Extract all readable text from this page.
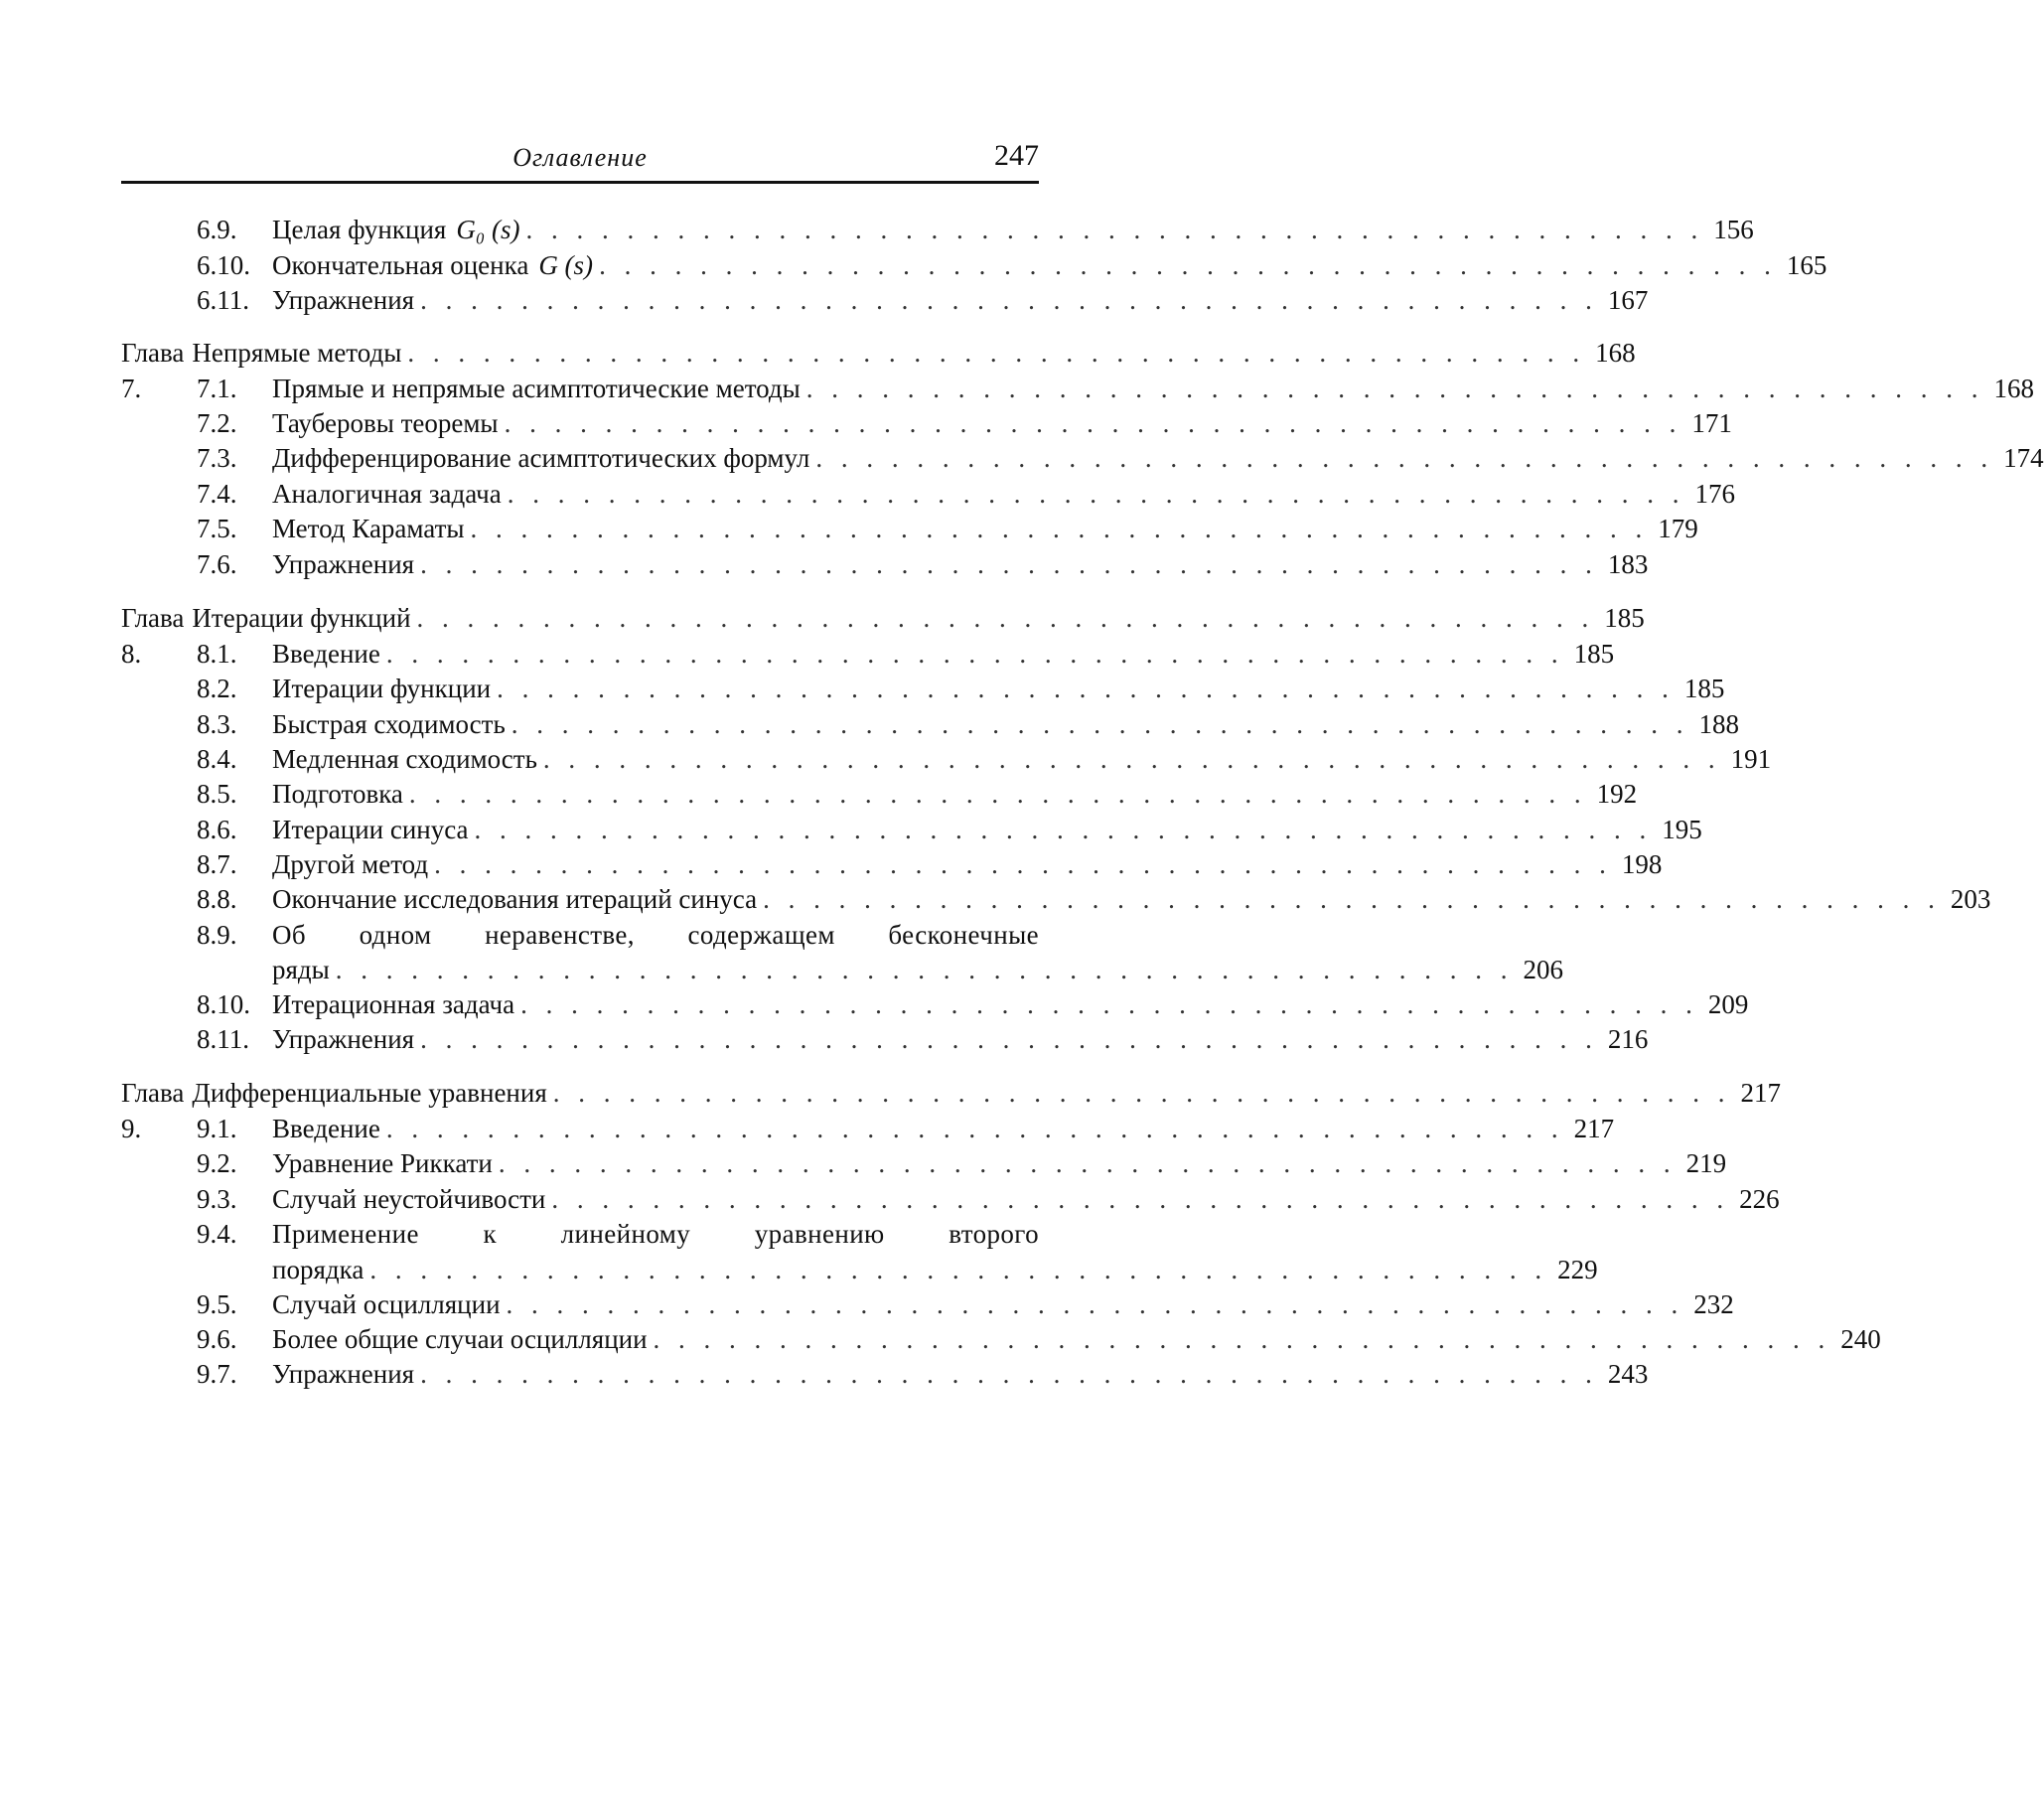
Оглавление	247
Целая функция G₀ (s) . . . . . . . . . . . . . . . . . . . . . . . . . . . . . . . . . . . . . . . . . . . . . . . 156
6.9.
Окончательная оценка G (s) . . . . . . . . . . . . . . . . . . . . . . . . . . . . . . . . . . . . . . . . . . . . . . . 165
6.10.
Упражнения . . . . . . . . . . . . . . . . . . . . . . . . . . . . . . . . . . . . . . . . . . . . . . . 167
6.11.
Глава 7.
Непрямые методы . . . . . . . . . . . . . . . . . . . . . . . . . . . . . . . . . . . . . . . . . . . . . . . 168
Прямые и непрямые асимптотические методы . . . . . . . . . . . . . . . . . . . . . . . . . . . . . . . . . . . . . . . . . . . . . . . 168
7.1.
Тауберовы теоремы . . . . . . . . . . . . . . . . . . . . . . . . . . . . . . . . . . . . . . . . . . . . . . . 171
7.2.
Дифференцирование асимптотических формул . . . . . . . . . . . . . . . . . . . . . . . . . . . . . . . . . . . . . . . . . . . . . . . 174
7.3.
Аналогичная задача . . . . . . . . . . . . . . . . . . . . . . . . . . . . . . . . . . . . . . . . . . . . . . . 176
7.4.
Метод Караматы . . . . . . . . . . . . . . . . . . . . . . . . . . . . . . . . . . . . . . . . . . . . . . . 179
7.5.
Упражнения . . . . . . . . . . . . . . . . . . . . . . . . . . . . . . . . . . . . . . . . . . . . . . . 183
7.6.
Глава 8.
Итерации функций . . . . . . . . . . . . . . . . . . . . . . . . . . . . . . . . . . . . . . . . . . . . . . . 185
Введение . . . . . . . . . . . . . . . . . . . . . . . . . . . . . . . . . . . . . . . . . . . . . . . 185
8.1.
Итерации функции . . . . . . . . . . . . . . . . . . . . . . . . . . . . . . . . . . . . . . . . . . . . . . . 185
8.2.
Быстрая сходимость . . . . . . . . . . . . . . . . . . . . . . . . . . . . . . . . . . . . . . . . . . . . . . . 188
8.3.
Медленная сходимость . . . . . . . . . . . . . . . . . . . . . . . . . . . . . . . . . . . . . . . . . . . . . . . 191
8.4.
Подготовка . . . . . . . . . . . . . . . . . . . . . . . . . . . . . . . . . . . . . . . . . . . . . . . 192
8.5.
Итерации синуса . . . . . . . . . . . . . . . . . . . . . . . . . . . . . . . . . . . . . . . . . . . . . . . 195
8.6.
Другой метод . . . . . . . . . . . . . . . . . . . . . . . . . . . . . . . . . . . . . . . . . . . . . . . 198
8.7.
Окончание исследования итераций синуса . . . . . . . . . . . . . . . . . . . . . . . . . . . . . . . . . . . . . . . . . . . . . . . 203
8.8.
8.9. Об одном неравенстве, содержащем бесконечные
ряды . . . . . . . . . . . . . . . . . . . . . . . . . . . . . . . . . . . . . . . . . . . . . . . 206
Итерационная задача . . . . . . . . . . . . . . . . . . . . . . . . . . . . . . . . . . . . . . . . . . . . . . . 209
8.10.
Упражнения . . . . . . . . . . . . . . . . . . . . . . . . . . . . . . . . . . . . . . . . . . . . . . . 216
8.11.
Глава 9.
Дифференциальные уравнения . . . . . . . . . . . . . . . . . . . . . . . . . . . . . . . . . . . . . . . . . . . . . . . 217
Введение . . . . . . . . . . . . . . . . . . . . . . . . . . . . . . . . . . . . . . . . . . . . . . . 217
9.1.
Уравнение Риккати . . . . . . . . . . . . . . . . . . . . . . . . . . . . . . . . . . . . . . . . . . . . . . . 219
9.2.
Случай неустойчивости . . . . . . . . . . . . . . . . . . . . . . . . . . . . . . . . . . . . . . . . . . . . . . . 226
9.3.
9.4. Применение к линейному уравнению второго
порядка . . . . . . . . . . . . . . . . . . . . . . . . . . . . . . . . . . . . . . . . . . . . . . . 229
Случай осцилляции . . . . . . . . . . . . . . . . . . . . . . . . . . . . . . . . . . . . . . . . . . . . . . . 232
9.5.
Более общие случаи осцилляции . . . . . . . . . . . . . . . . . . . . . . . . . . . . . . . . . . . . . . . . . . . . . . . 240
9.6.
Упражнения . . . . . . . . . . . . . . . . . . . . . . . . . . . . . . . . . . . . . . . . . . . . . . . 243
9.7.
